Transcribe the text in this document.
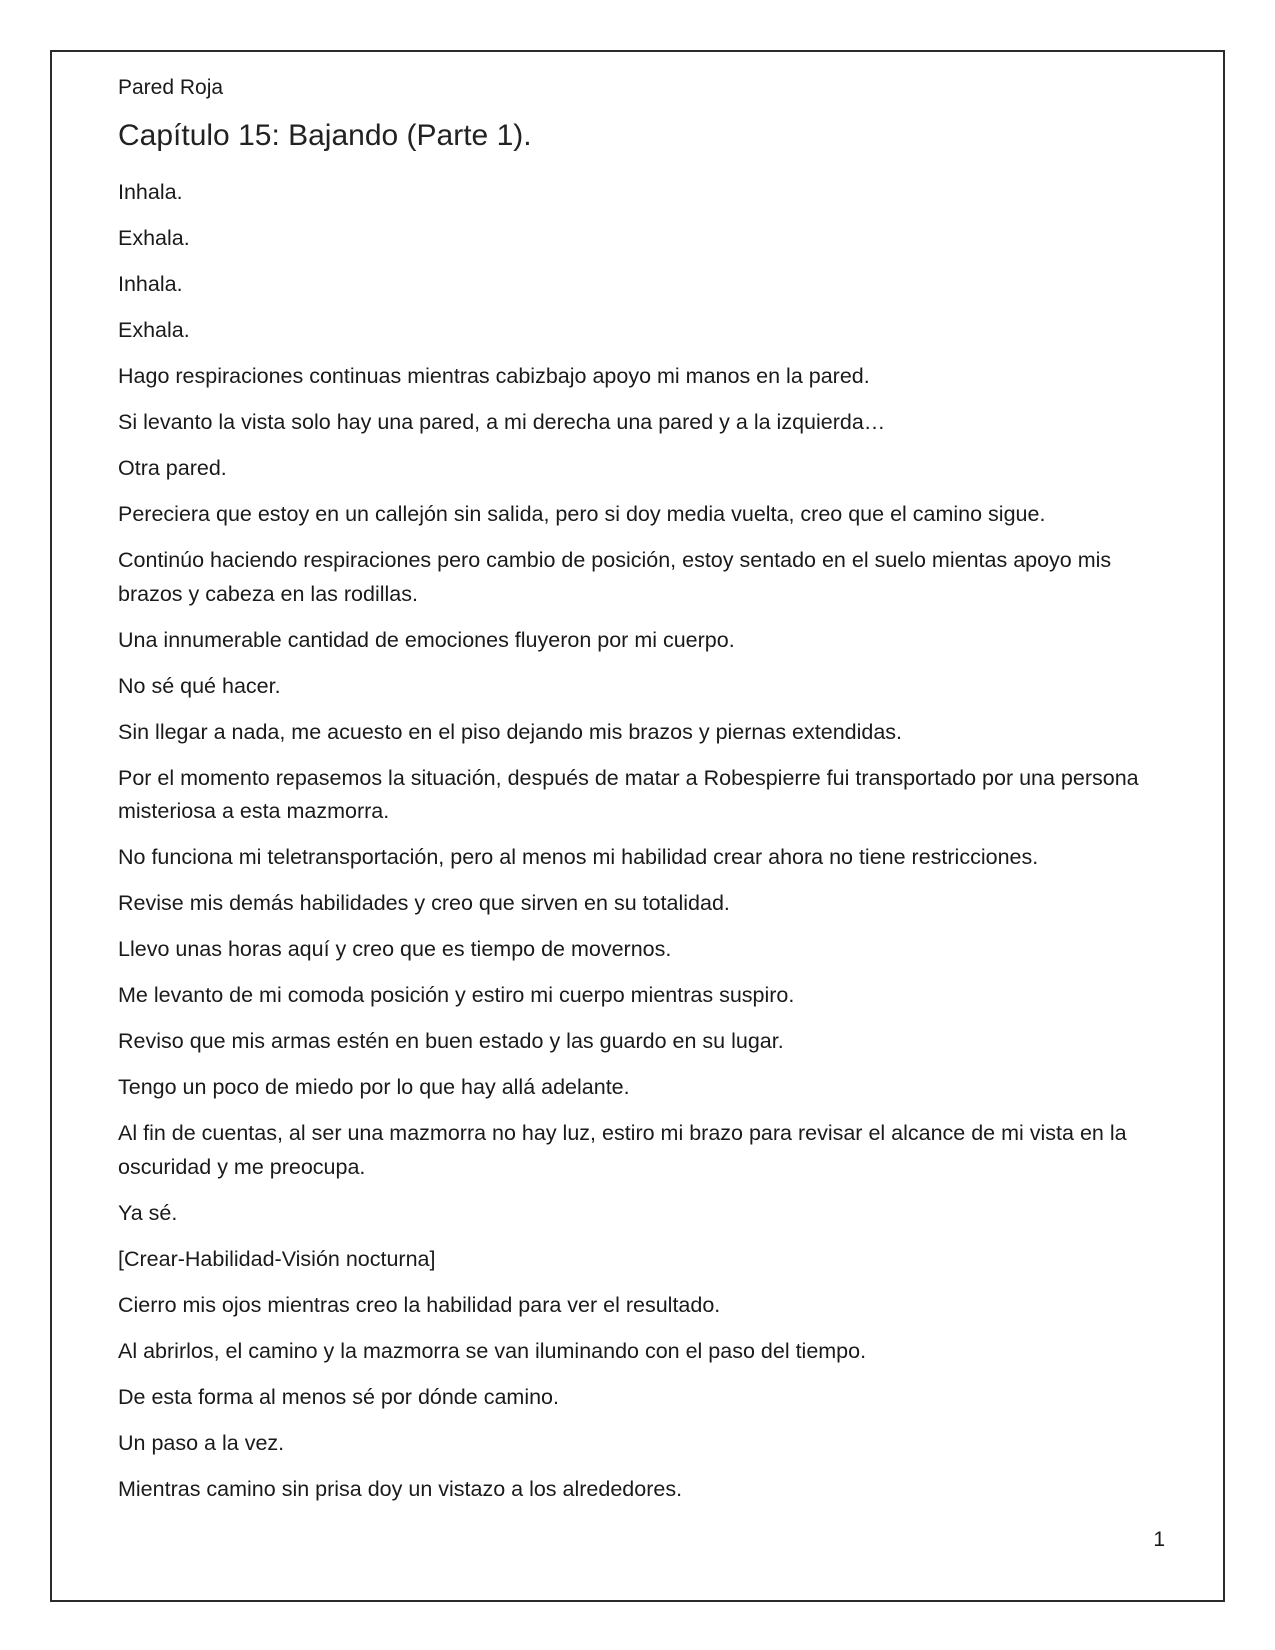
Pared Roja
Capítulo 15: Bajando (Parte 1).

Inhala.

Exhala.

Inhala.

Exhala.

Hago respiraciones continuas mientras cabizbajo apoyo mi manos en la pared.

Si levanto la vista solo hay una pared, a mi derecha una pared y a la izquierda…

Otra pared.

Pereciera que estoy en un callejón sin salida, pero si doy media vuelta, creo que el camino sigue.

Continúo haciendo respiraciones pero cambio de posición, estoy sentado en el suelo mientas apoyo mis brazos y cabeza en las rodillas.

Una innumerable cantidad de emociones fluyeron por mi cuerpo.

No sé qué hacer.

Sin llegar a nada, me acuesto en el piso dejando mis brazos y piernas extendidas.

Por el momento repasemos la situación, después de matar a Robespierre fui transportado por una persona misteriosa a esta mazmorra.

No funciona mi teletransportación, pero al menos mi habilidad crear ahora no tiene restricciones.

Revise mis demás habilidades y creo que sirven en su totalidad.

Llevo unas horas aquí y creo que es tiempo de movernos.

Me levanto de mi comoda posición y estiro mi cuerpo mientras suspiro.

Reviso que mis armas estén en buen estado y las guardo en su lugar.

Tengo un poco de miedo por lo que hay allá adelante.

Al fin de cuentas, al ser una mazmorra no hay luz, estiro mi brazo para revisar el alcance de mi vista en la oscuridad y me preocupa.

Ya sé.

[Crear-Habilidad-Visión nocturna]

Cierro mis ojos mientras creo la habilidad para ver el resultado.

Al abrirlos, el camino y la mazmorra se van iluminando con el paso del tiempo.

De esta forma al menos sé por dónde camino.

Un paso a la vez.

Mientras camino sin prisa doy un vistazo a los alrededores.

1
